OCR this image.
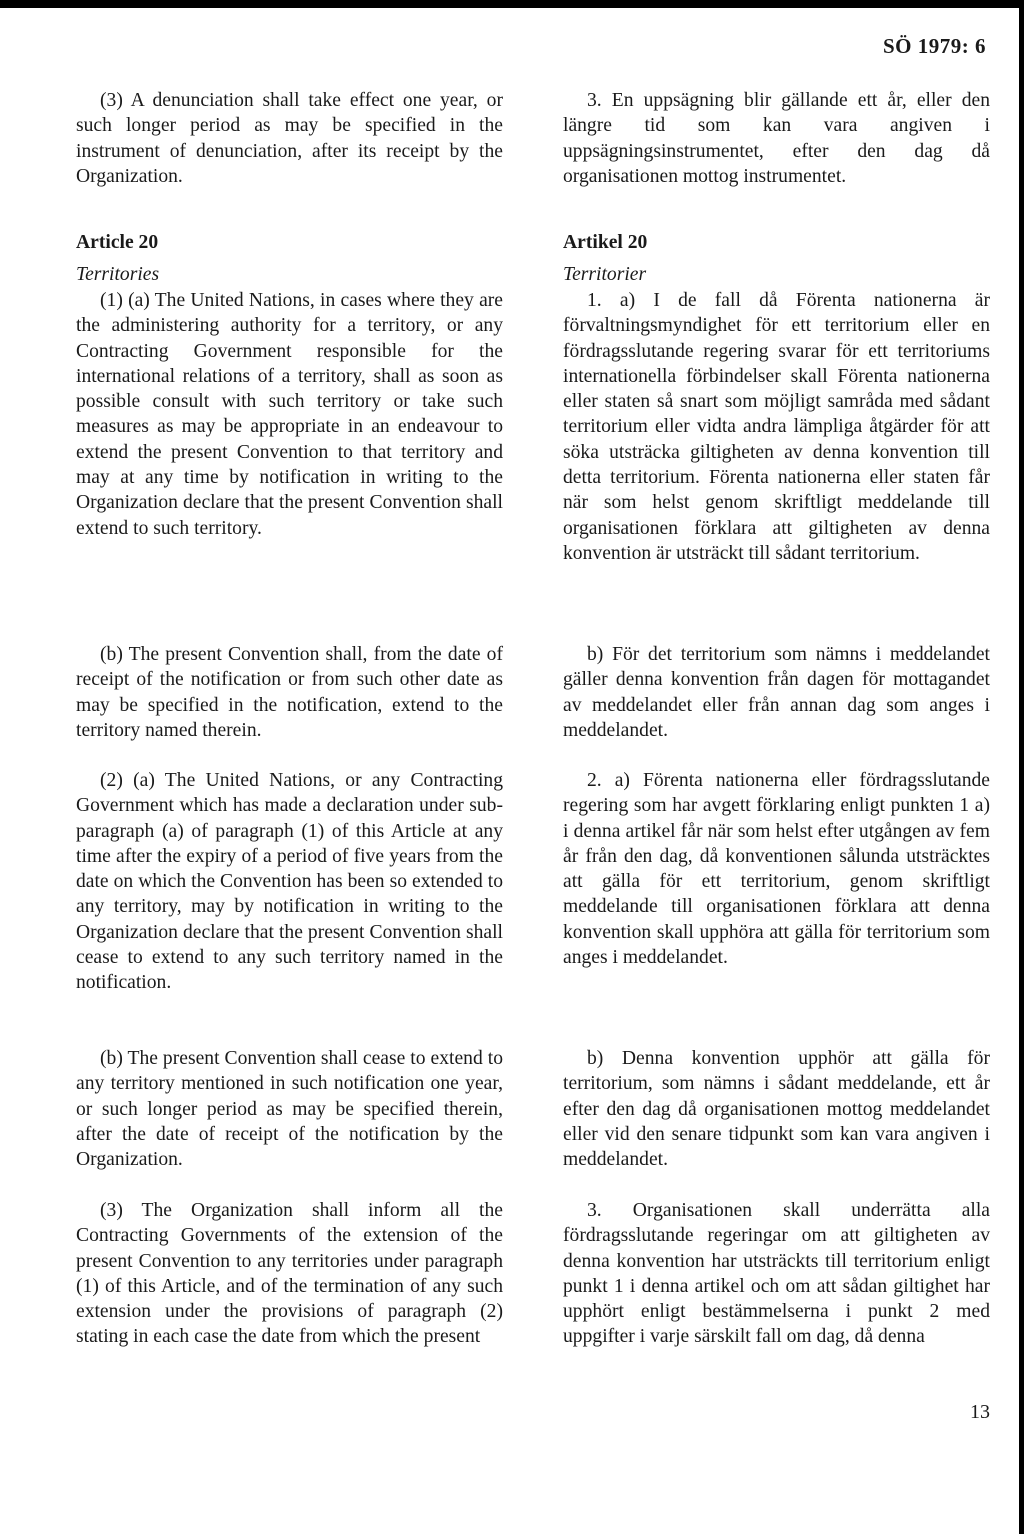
SÖ 1979: 6

(3) A denunciation shall take effect one year, or such longer period as may be specified in the instrument of denunciation, after its receipt by the Organization.

Article 20

Territories

(1) (a) The United Nations, in cases where they are the administering authority for a territory, or any Contracting Government responsible for the international relations of a territory, shall as soon as possible consult with such territory or take such measures as may be appropriate in an endeavour to extend the present Convention to that territory and may at any time by notification in writing to the Organization declare that the present Convention shall extend to such territory.

(b) The present Convention shall, from the date of receipt of the notification or from such other date as may be specified in the notification, extend to the territory named therein.

(2) (a) The United Nations, or any Contracting Government which has made a declaration under sub-paragraph (a) of paragraph (1) of this Article at any time after the expiry of a period of five years from the date on which the Convention has been so extended to any territory, may by notification in writing to the Organization declare that the present Convention shall cease to extend to any such territory named in the notification.

(b) The present Convention shall cease to extend to any territory mentioned in such notification one year, or such longer period as may be specified therein, after the date of receipt of the notification by the Organization.

(3) The Organization shall inform all the Contracting Governments of the extension of the present Convention to any territories under paragraph (1) of this Article, and of the termination of any such extension under the provisions of paragraph (2) stating in each case the date from which the present

3. En uppsägning blir gällande ett år, eller den längre tid som kan vara angiven i uppsägningsinstrumentet, efter den dag då organisationen mottog instrumentet.

Artikel 20

Territorier

1. a) I de fall då Förenta nationerna är förvaltningsmyndighet för ett territorium eller en fördragsslutande regering svarar för ett territoriums internationella förbindelser skall Förenta nationerna eller staten så snart som möjligt samråda med sådant territorium eller vidta andra lämpliga åtgärder för att söka utsträcka giltigheten av denna konvention till detta territorium. Förenta nationerna eller staten får när som helst genom skriftligt meddelande till organisationen förklara att giltigheten av denna konvention är utsträckt till sådant territorium.

b) För det territorium som nämns i meddelandet gäller denna konvention från dagen för mottagandet av meddelandet eller från annan dag som anges i meddelandet.

2. a) Förenta nationerna eller fördragsslutande regering som har avgett förklaring enligt punkten 1 a) i denna artikel får när som helst efter utgången av fem år från den dag, då konventionen sålunda utsträcktes att gälla för ett territorium, genom skriftligt meddelande till organisationen förklara att denna konvention skall upphöra att gälla för territorium som anges i meddelandet.

b) Denna konvention upphör att gälla för territorium, som nämns i sådant meddelande, ett år efter den dag då organisationen mottog meddelandet eller vid den senare tidpunkt som kan vara angiven i meddelandet.

3. Organisationen skall underrätta alla fördragsslutande regeringar om att giltigheten av denna konvention har utsträckts till territorium enligt punkt 1 i denna artikel och om att sådan giltighet har upphört enligt bestämmelserna i punkt 2 med uppgifter i varje särskilt fall om dag, då denna

13
